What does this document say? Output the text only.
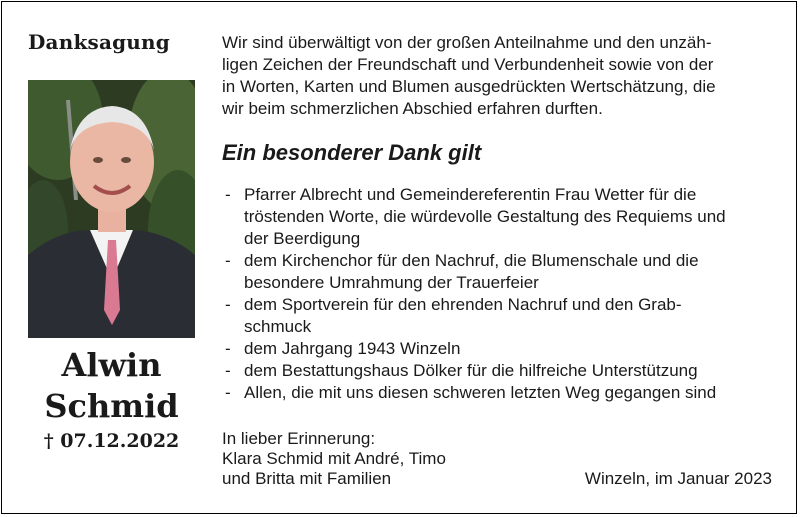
Danksagung
Alwin
Schmid
† 07.12.2022
Wir sind überwältigt von der großen Anteilnahme und den unzäh-
ligen Zeichen der Freundschaft und Verbundenheit sowie von der
in Worten, Karten und Blumen ausgedrückten Wertschätzung, die
wir beim schmerzlichen Abschied erfahren durften.
Ein besonderer Dank gilt
- Pfarrer Albrecht und Gemeindereferentin Frau Wetter für die
tröstenden Worte, die würdevolle Gestaltung des Requiems und
der Beerdigung
- dem Kirchenchor für den Nachruf, die Blumenschale und die
besondere Umrahmung der Trauerfeier
- dem Sportverein für den ehrenden Nachruf und den Grab-
schmuck
- dem Jahrgang 1943 Winzeln
- dem Bestattungshaus Dölker für die hilfreiche Unterstützung
- Allen, die mit uns diesen schweren letzten Weg gegangen sind
In lieber Erinnerung:
Klara Schmid mit André, Timo
und Britta mit Familien	Winzeln, im Januar 2023
